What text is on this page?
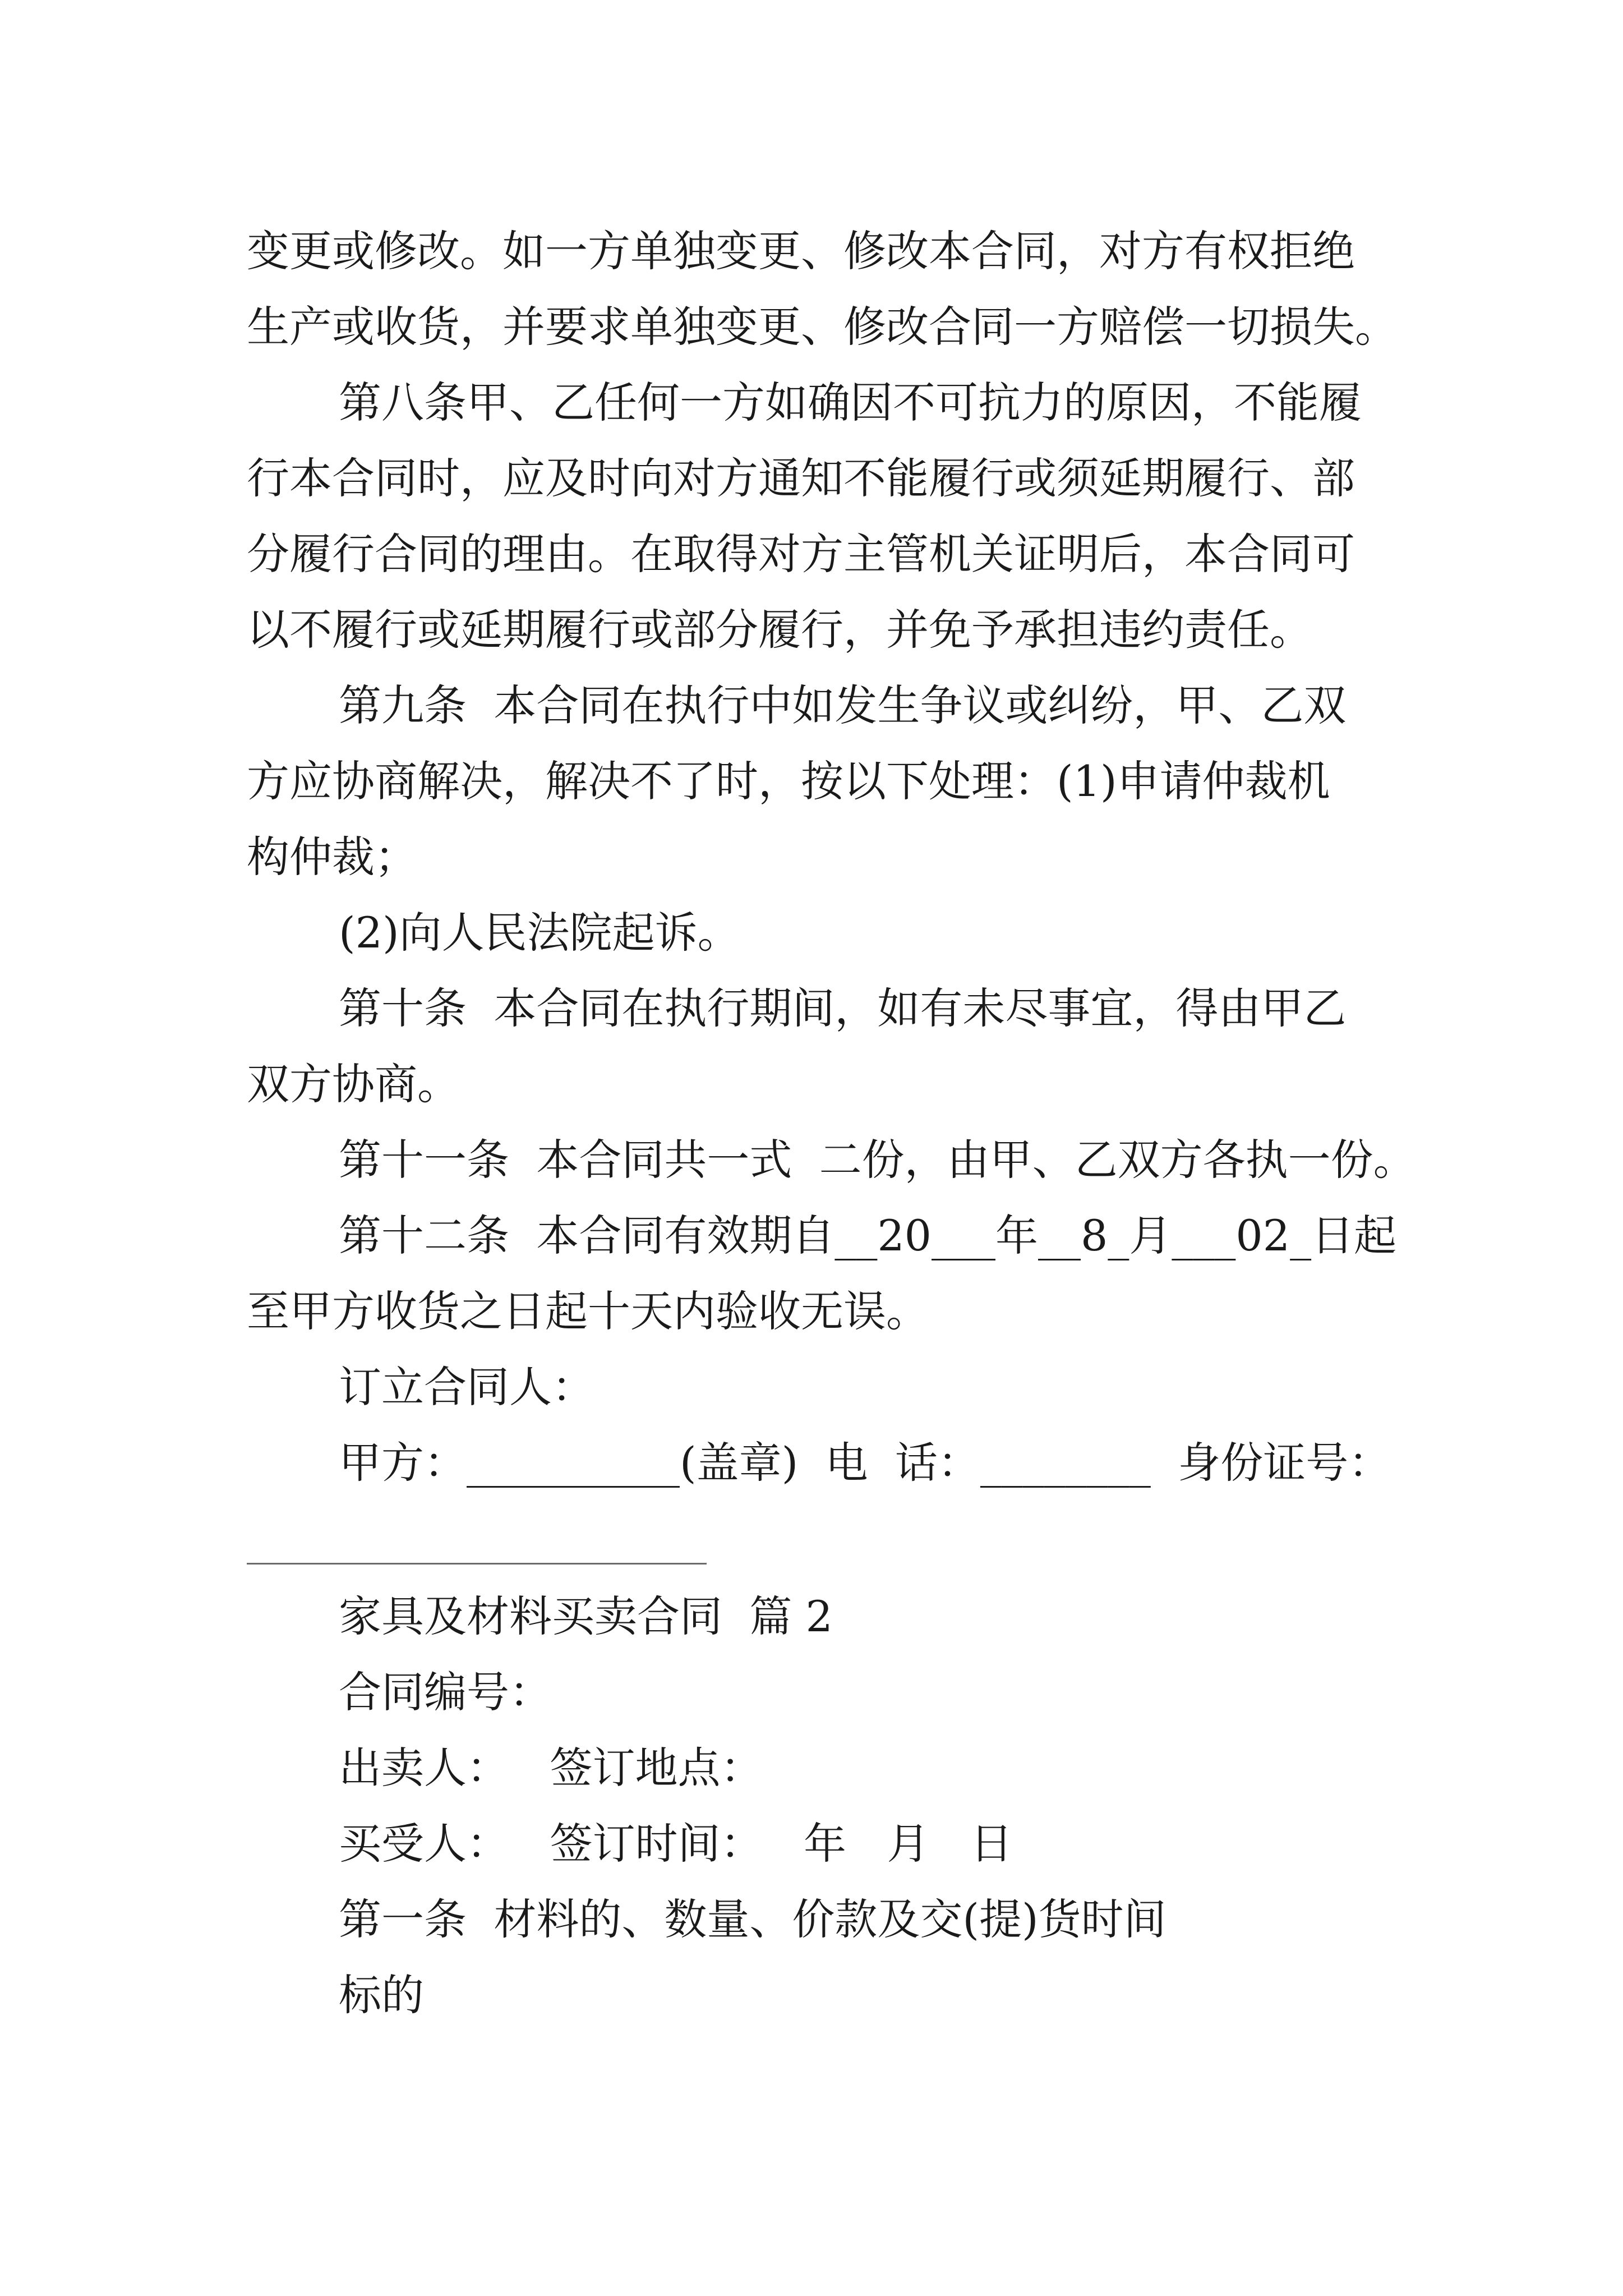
变更或修改。如一方单独变更、修改本合同，对方有权拒绝
生产或收货，并要求单独变更、修改合同一方赔偿一切损失。
第八条甲、乙任何一方如确因不可抗力的原因，不能履
行本合同时，应及时向对方通知不能履行或须延期履行、部
分履行合同的理由。在取得对方主管机关证明后，本合同可
以不履行或延期履行或部分履行，并免予承担违约责任。
第九条  本合同在执行中如发生争议或纠纷，甲、乙双
方应协商解决，解决不了时，按以下处理：(1)申请仲裁机
构仲裁；
(2)向人民法院起诉。
第十条  本合同在执行期间，如有未尽事宜，得由甲乙
双方协商。
第十一条  本合同共一式  二份，由甲、乙双方各执一份。
第十二条  本合同有效期自__20___年__8_月___02_日起
至甲方收货之日起十天内验收无误。
订立合同人：
甲方：__________(盖章)  电  话：________  身份证号：
家具及材料买卖合同  篇 2
合同编号：
出卖人：   签订地点：
买受人：   签订时间：   年   月   日
第一条  材料的、数量、价款及交(提)货时间
标的
